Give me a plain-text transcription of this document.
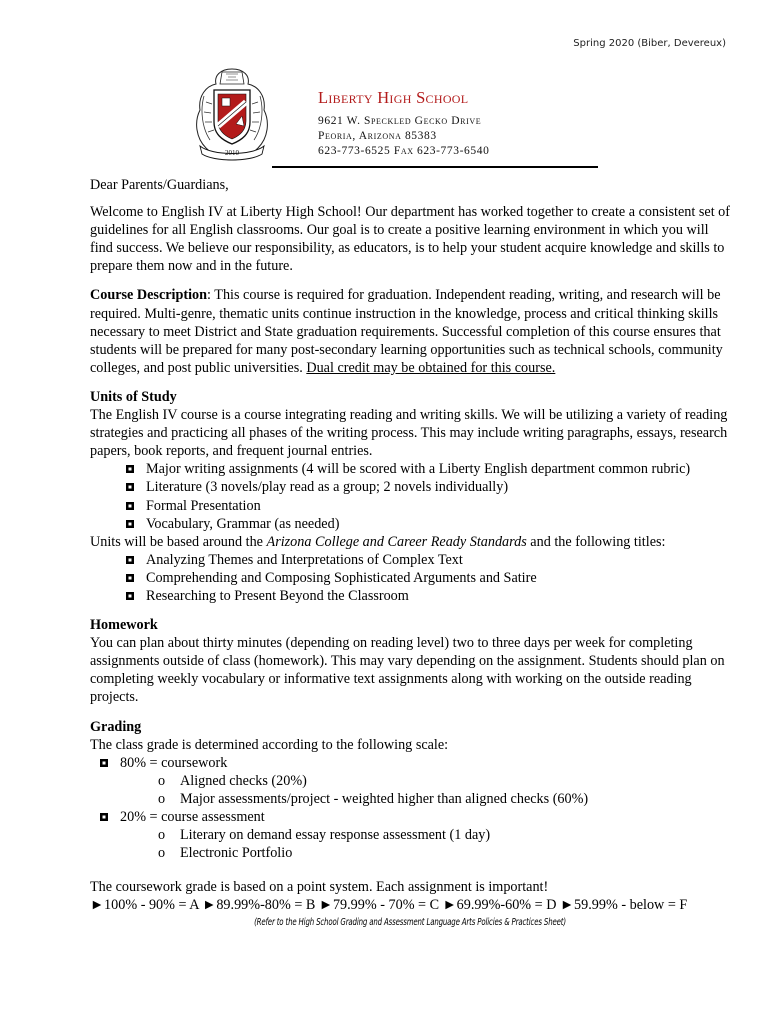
Spring 2020 (Biber, Devereux)
2010
Liberty High School
9621 W. Speckled Gecko Drive
Peoria, Arizona 85383
623-773-6525 Fax 623-773-6540

Dear Parents/Guardians,

Welcome to English IV at Liberty High School! Our department has worked together to create a consistent set of guidelines for all English classrooms. Our goal is to create a positive learning environment in which you will find success. We believe our responsibility, as educators, is to help your student acquire knowledge and skills to prepare them now and in the future.

Course Description: This course is required for graduation. Independent reading, writing, and research will be required. Multi-genre, thematic units continue instruction in the knowledge, process and critical thinking skills necessary to meet District and State graduation requirements. Successful completion of this course ensures that students will be prepared for many post-secondary learning opportunities such as technical schools, community colleges, and post public universities. Dual credit may be obtained for this course.

Units of Study

The English IV course is a course integrating reading and writing skills. We will be utilizing a variety of reading strategies and practicing all phases of the writing process. This may include writing paragraphs, essays, research papers, book reports, and frequent journal entries.

Major writing assignments (4 will be scored with a Liberty English department common rubric)
Literature (3 novels/play read as a group; 2 novels individually)
Formal Presentation
Vocabulary, Grammar (as needed)

Units will be based around the Arizona College and Career Ready Standards and the following titles:

Analyzing Themes and Interpretations of Complex Text
Comprehending and Composing Sophisticated Arguments and Satire
Researching to Present Beyond the Classroom
Homework

You can plan about thirty minutes (depending on reading level) two to three days per week for completing assignments outside of class (homework). This may vary depending on the assignment. Students should plan on completing weekly vocabulary or informative text assignments along with working on the outside reading projects.

Grading

The class grade is determined according to the following scale:

80% = coursework
o Aligned checks (20%)
o Major assessments/project - weighted higher than aligned checks (60%)
20% = course assessment
o Literary on demand essay response assessment (1 day)
o Electronic Portfolio

The coursework grade is based on a point system. Each assignment is important!

►100% - 90% = A ►89.99%-80% = B ►79.99% - 70% = C ►69.99%-60% = D ►59.99% - below = F

(Refer to the High School Grading and Assessment Language Arts Policies & Practices Sheet)
